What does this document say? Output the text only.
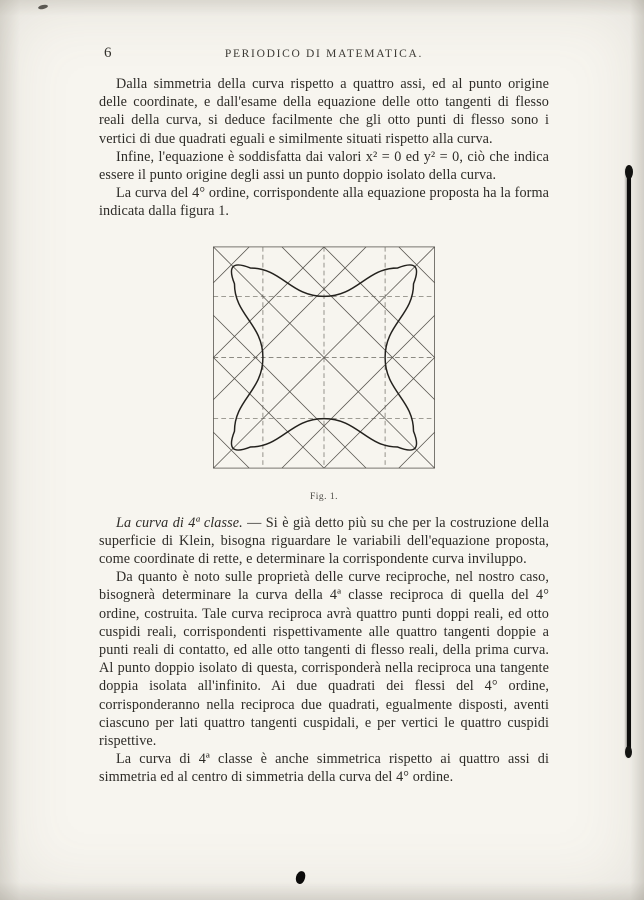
6	PERIODICO DI MATEMATICA.

Dalla simmetria della curva rispetto a quattro assi, ed al punto origine delle coordinate, e dall'esame della equazione delle otto tangenti di flesso reali della curva, si deduce facilmente che gli otto punti di flesso sono i vertici di due quadrati eguali e similmente situati rispetto alla curva.

Infine, l'equazione è soddisfatta dai valori x² = 0 ed y² = 0, ciò che indica essere il punto origine degli assi un punto doppio isolato della curva.

La curva del 4° ordine, corrispondente alla equazione proposta ha la forma indicata dalla figura 1.

Fig. 1.

La curva di 4ª classe. — Si è già detto più su che per la costruzione della superficie di Klein, bisogna riguardare le variabili dell'equazione proposta, come coordinate di rette, e determinare la corrispondente curva inviluppo.

Da quanto è noto sulle proprietà delle curve reciproche, nel nostro caso, bisognerà determinare la curva della 4ª classe reciproca di quella del 4° ordine, costruita. Tale curva reciproca avrà quattro punti doppi reali, ed otto cuspidi reali, corrispondenti rispettivamente alle quattro tangenti doppie a punti reali di contatto, ed alle otto tangenti di flesso reali, della prima curva. Al punto doppio isolato di questa, corrisponderà nella reciproca una tangente doppia isolata all'infinito. Ai due quadrati dei flessi del 4° ordine, corrisponderanno nella reciproca due quadrati, egualmente disposti, aventi ciascuno per lati quattro tangenti cuspidali, e per vertici le quattro cuspidi rispettive.

La curva di 4ª classe è anche simmetrica rispetto ai quattro assi di simmetria ed al centro di simmetria della curva del 4° ordine.
